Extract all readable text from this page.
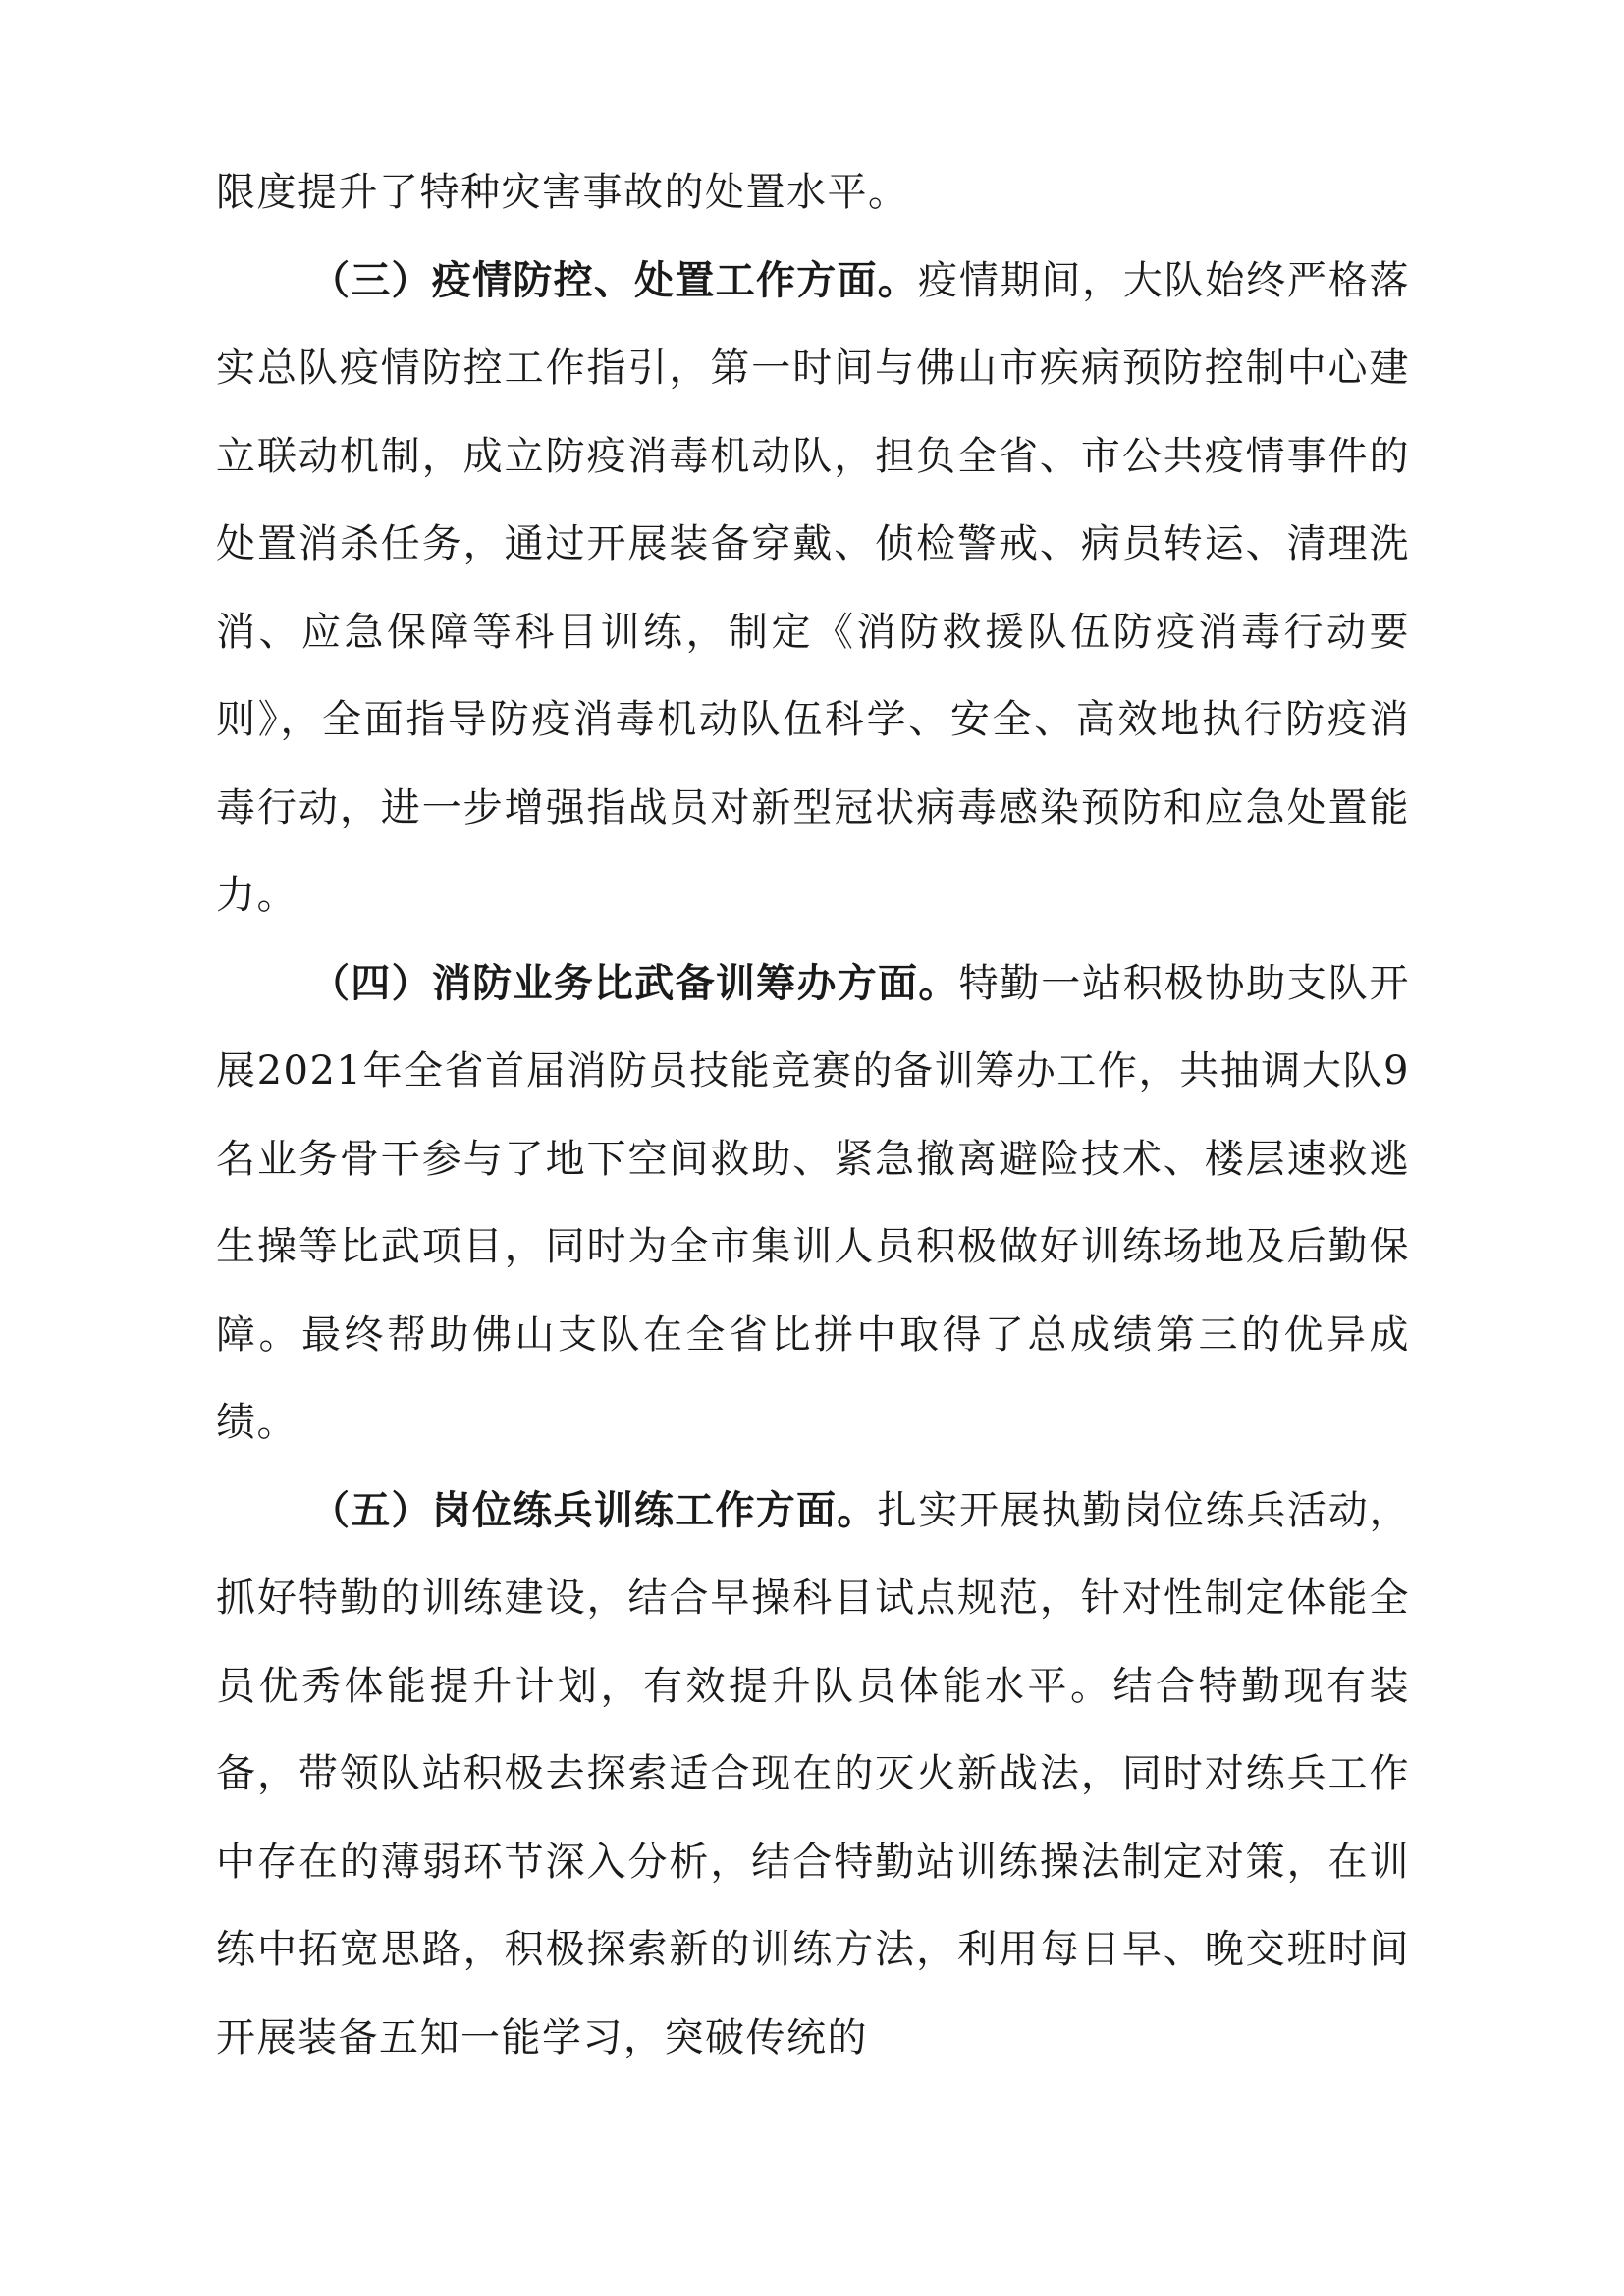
限度提升了特种灾害事故的处置水平。

（三）疫情防控、处置工作方面。疫情期间，大队始终严格落实总队疫情防控工作指引，第一时间与佛山市疾病预防控制中心建立联动机制，成立防疫消毒机动队，担负全省、市公共疫情事件的处置消杀任务，通过开展装备穿戴、侦检警戒、病员转运、清理洗消、应急保障等科目训练，制定《消防救援队伍防疫消毒行动要则》，全面指导防疫消毒机动队伍科学、安全、高效地执行防疫消毒行动，进一步增强指战员对新型冠状病毒感染预防和应急处置能力。

（四）消防业务比武备训筹办方面。特勤一站积极协助支队开展2021年全省首届消防员技能竞赛的备训筹办工作，共抽调大队9名业务骨干参与了地下空间救助、紧急撤离避险技术、楼层速救逃生操等比武项目，同时为全市集训人员积极做好训练场地及后勤保障。最终帮助佛山支队在全省比拼中取得了总成绩第三的优异成绩。

（五）岗位练兵训练工作方面。扎实开展执勤岗位练兵活动，抓好特勤的训练建设，结合早操科目试点规范，针对性制定体能全员优秀体能提升计划，有效提升队员体能水平。结合特勤现有装备，带领队站积极去探索适合现在的灭火新战法，同时对练兵工作中存在的薄弱环节深入分析，结合特勤站训练操法制定对策，在训练中拓宽思路，积极探索新的训练方法，利用每日早、晚交班时间开展装备五知一能学习，突破传统的
